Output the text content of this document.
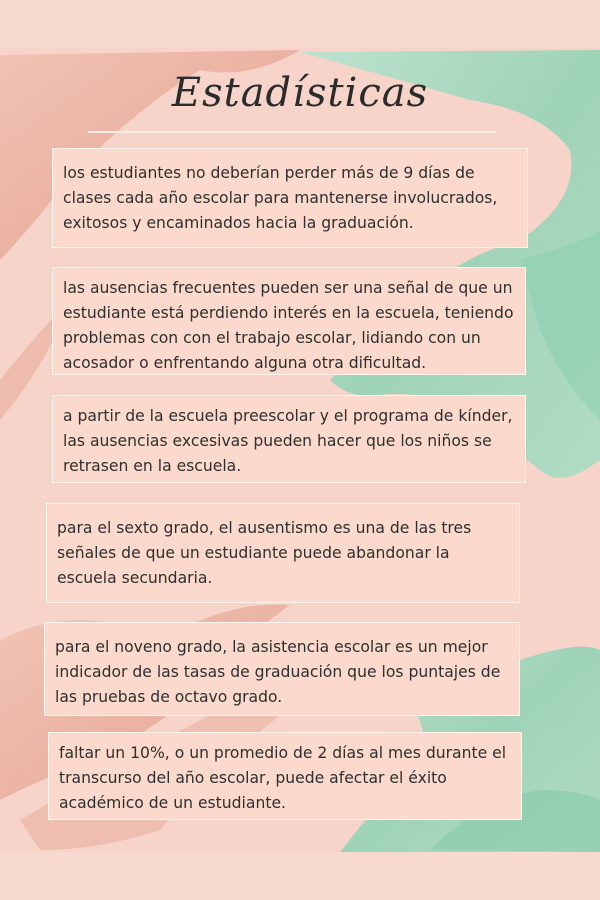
Estadísticas
los estudiantes no deberían perder más de 9 días de clases cada año escolar para mantenerse involucrados, exitosos y encaminados hacia la graduación.
las ausencias frecuentes pueden ser una señal de que un estudiante está perdiendo interés en la escuela, teniendo problemas con con el trabajo escolar, lidiando con un acosador o enfrentando alguna otra dificultad.
a partir de la escuela preescolar y el programa de kínder, las ausencias excesivas pueden hacer que los niños se retrasen en la escuela.
para el sexto grado, el ausentismo es una de las tres señales de que un estudiante puede abandonar la escuela secundaria.
para el noveno grado, la asistencia escolar es un mejor indicador de las tasas de graduación que los puntajes de las pruebas de octavo grado.
faltar un 10%, o un promedio de 2 días al mes durante el transcurso del año escolar, puede afectar el éxito académico de un estudiante.
